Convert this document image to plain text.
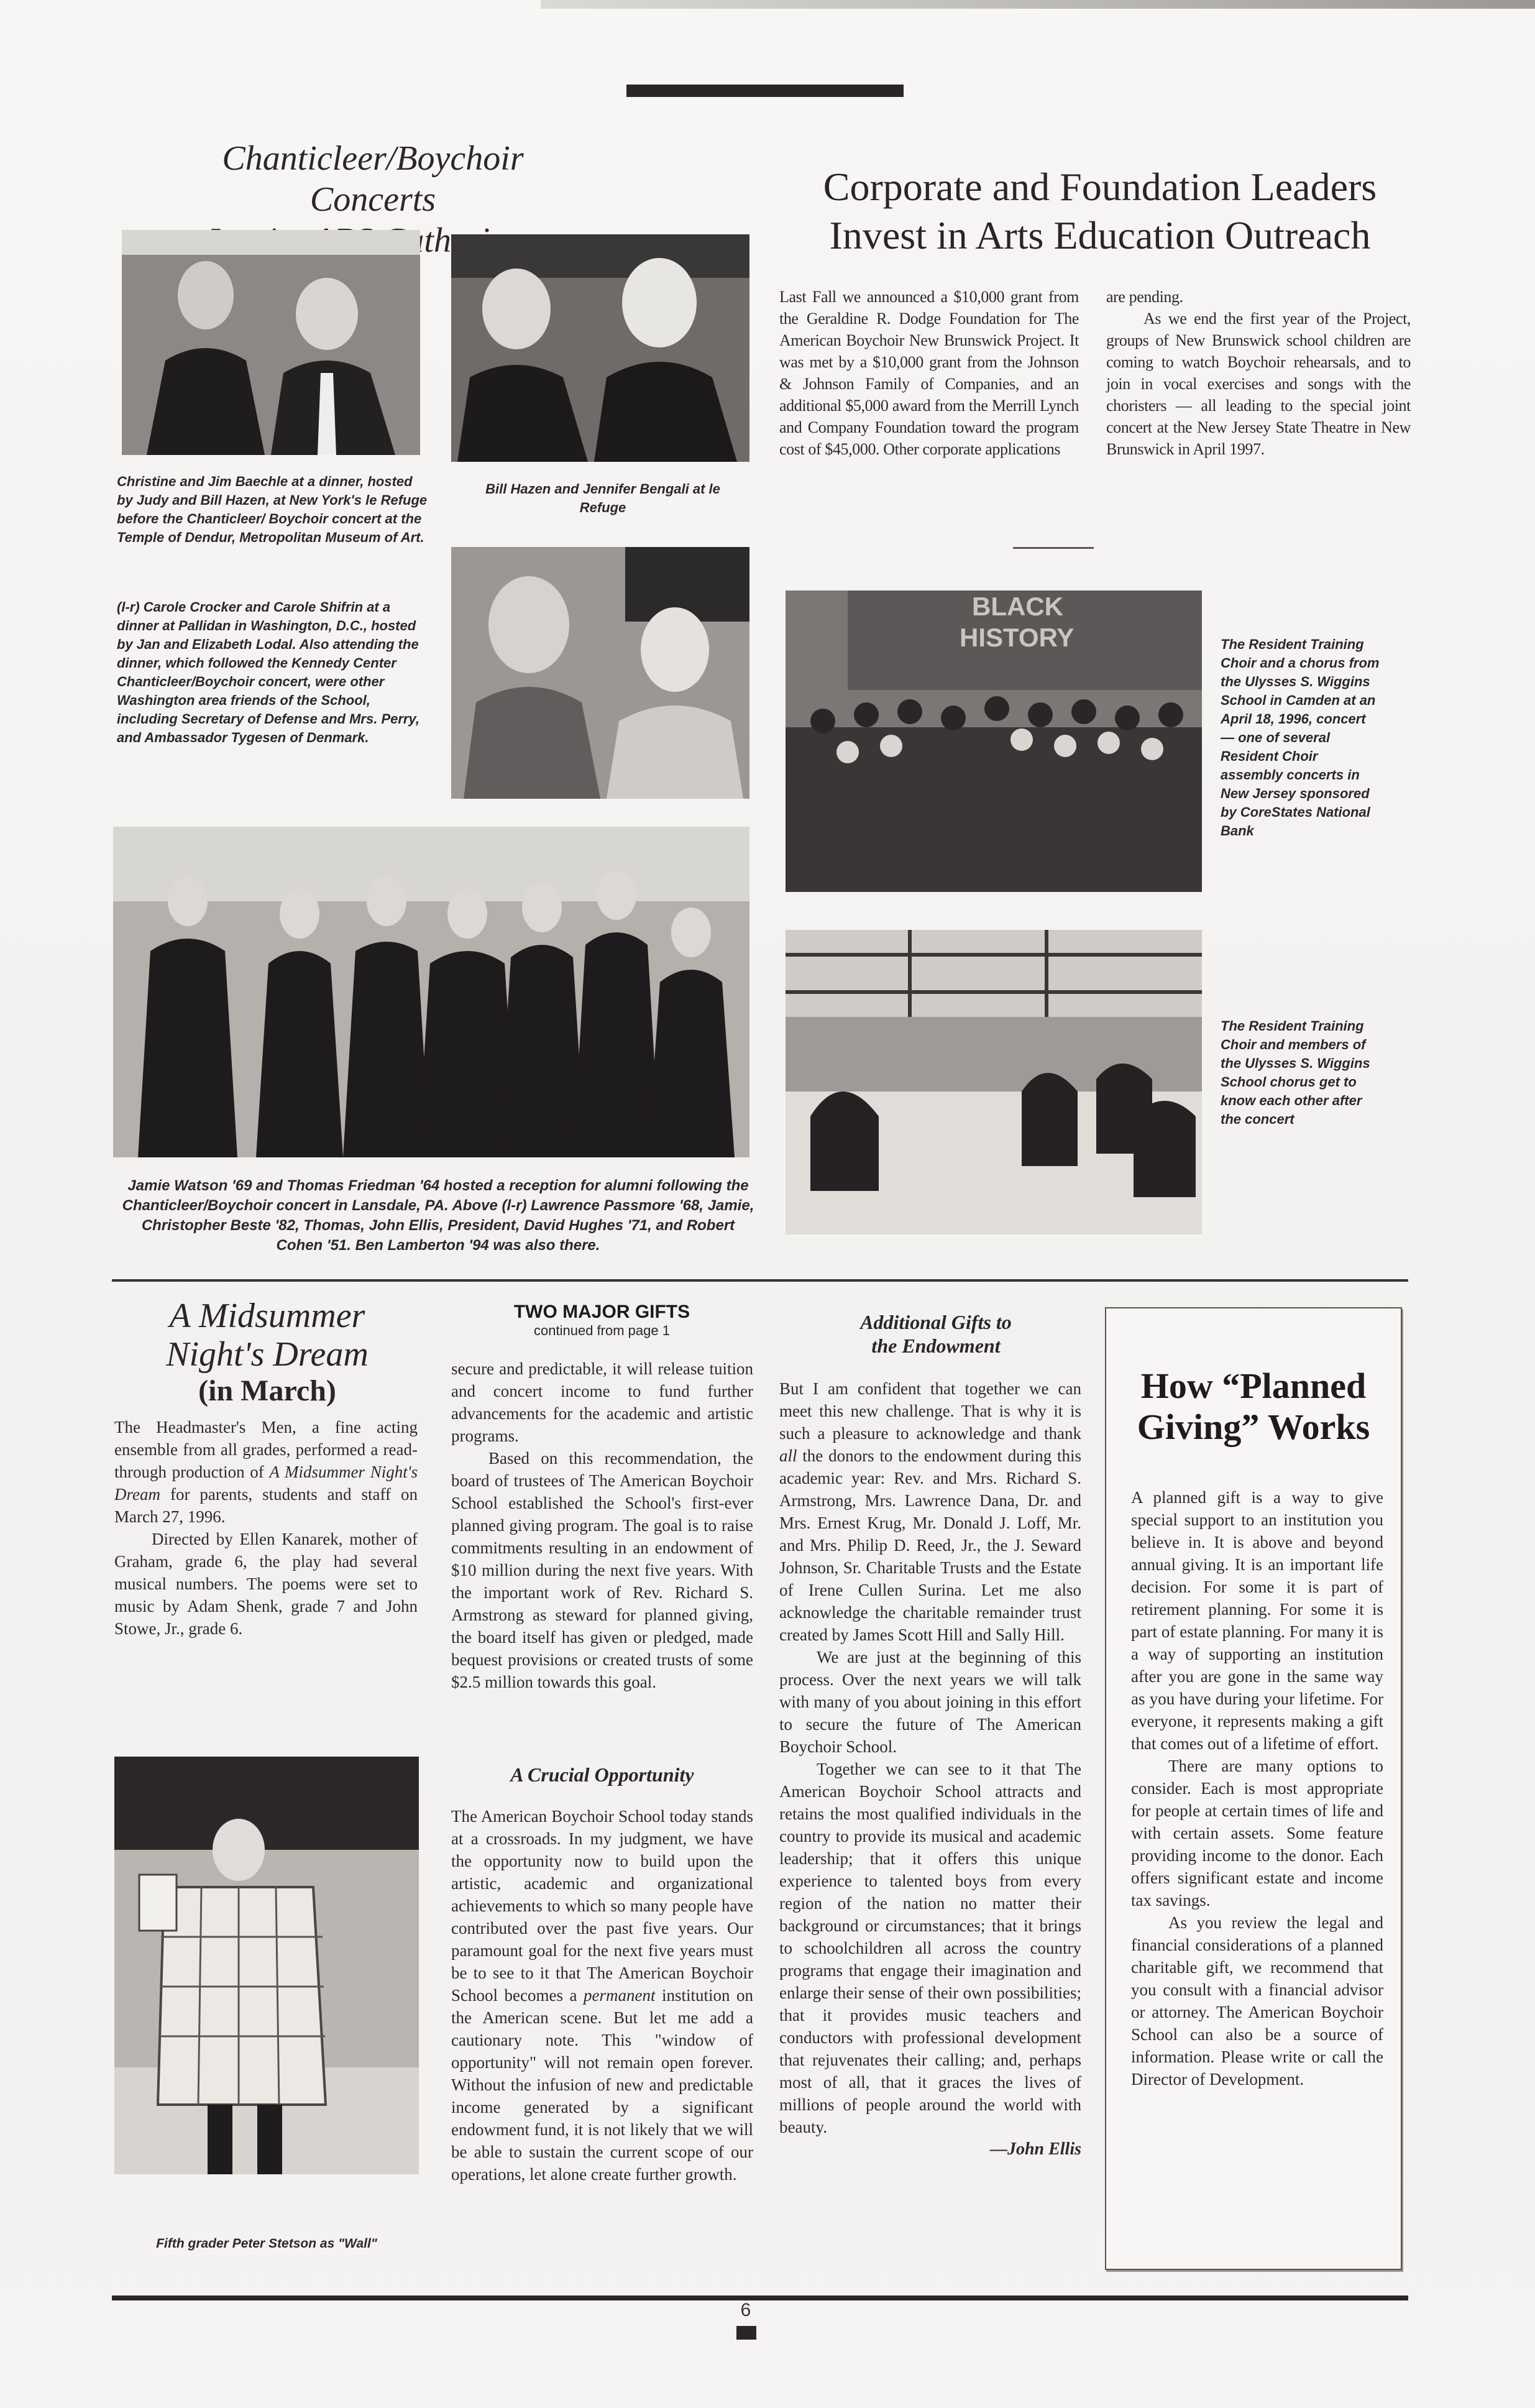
Chanticleer/Boychoir Concerts	Corporate and Foundation Leaders
Invest in Arts Education Outreach
Christine and Jim Baechle at a dinner, hosted by Judy and Bill Hazen, at New York's le Refuge before the Chanticleer/ Boychoir concert at the Temple of Dendur, Metropolitan Museum of Art.
Bill Hazen and Jennifer Bengali at le Refuge

Last Fall we announced a $10,000 grant from the Geraldine R. Dodge Foundation for The American Boychoir New Brunswick Project. It was met by a $10,000 grant from the Johnson & Johnson Family of Companies, and an additional $5,000 award from the Merrill Lynch and Company Foundation toward the program cost of $45,000. Other corporate applications

are pending.

As we end the first year of the Project, groups of New Brunswick school children are coming to watch Boychoir rehearsals, and to join in vocal exercises and songs with the choristers — all leading to the special joint concert at the New Jersey State Theatre in New Brunswick in April 1997.

(l-r) Carole Crocker and Carole Shifrin at a dinner at Pallidan in Washington, D.C., hosted by Jan and Elizabeth Lodal. Also attending the dinner, which followed the Kennedy Center Chanticleer/Boychoir concert, were other Washington area friends of the School, including Secretary of Defense and Mrs. Perry, and Ambassador Tygesen of Denmark.
BLACK
HISTORY	The Resident Training Choir and a chorus from the Ulysses S. Wiggins School in Camden at an April 18, 1996, concert — one of several Resident Choir assembly concerts in New Jersey sponsored by CoreStates National Bank
The Resident Training Choir and members of the Ulysses S. Wiggins School chorus get to know each other after the concert
Jamie Watson '69 and Thomas Friedman '64 hosted a reception for alumni following the Chanticleer/Boychoir concert in Lansdale, PA. Above (l-r) Lawrence Passmore '68, Jamie, Christopher Beste '82, Thomas, John Ellis, President, David Hughes '71, and Robert Cohen '51. Ben Lamberton '94 was also there.
A Midsummer
Night's Dream
(in March)

The Headmaster's Men, a fine acting ensemble from all grades, performed a read-through production of A Midsummer Night's Dream for parents, students and staff on March 27, 1996.

Directed by Ellen Kanarek, mother of Graham, grade 6, the play had several musical numbers. The poems were set to music by Adam Shenk, grade 7 and John Stowe, Jr., grade 6.

Fifth grader Peter Stetson as "Wall"
TWO MAJOR GIFTS
continued from page 1

secure and predictable, it will release tuition and concert income to fund further advancements for the academic and artistic programs.

Based on this recommendation, the board of trustees of The American Boychoir School established the School's first-ever planned giving program. The goal is to raise commitments resulting in an endowment of $10 million during the next five years. With the important work of Rev. Richard S. Armstrong as steward for planned giving, the board itself has given or pledged, made bequest provisions or created trusts of some $2.5 million towards this goal.

A Crucial Opportunity

The American Boychoir School today stands at a crossroads. In my judgment, we have the opportunity now to build upon the artistic, academic and organizational achievements to which so many people have contributed over the past five years. Our paramount goal for the next five years must be to see to it that The American Boychoir School becomes a permanent institution on the American scene. But let me add a cautionary note. This "window of opportunity" will not remain open forever. Without the infusion of new and predictable income generated by a significant endowment fund, it is not likely that we will be able to sustain the current scope of our operations, let alone create further growth.

Additional Gifts to
the Endowment

But I am confident that together we can meet this new challenge. That is why it is such a pleasure to acknowledge and thank all the donors to the endowment during this academic year: Rev. and Mrs. Richard S. Armstrong, Mrs. Lawrence Dana, Dr. and Mrs. Ernest Krug, Mr. Donald J. Loff, Mr. and Mrs. Philip D. Reed, Jr., the J. Seward Johnson, Sr. Charitable Trusts and the Estate of Irene Cullen Surina. Let me also acknowledge the charitable remainder trust created by James Scott Hill and Sally Hill.

We are just at the beginning of this process. Over the next years we will talk with many of you about joining in this effort to secure the future of The American Boychoir School.

Together we can see to it that The American Boychoir School attracts and retains the most qualified individuals in the country to provide its musical and academic leadership; that it offers this unique experience to talented boys from every region of the nation no matter their background or circumstances; that it brings to schoolchildren all across the country programs that engage their imagination and enlarge their sense of their own possibilities; that it provides music teachers and conductors with professional development that rejuvenates their calling; and, perhaps most of all, that it graces the lives of millions of people around the world with beauty.

—John Ellis
How “Planned
Giving” Works

A planned gift is a way to give special support to an institution you believe in. It is above and beyond annual giving. It is an important life decision. For some it is part of retirement planning. For some it is part of estate planning. For many it is a way of supporting an institution after you are gone in the same way as you have during your lifetime. For everyone, it represents making a gift that comes out of a lifetime of effort.

There are many options to consider. Each is most appropriate for people at certain times of life and with certain assets. Some feature providing income to the donor. Each offers significant estate and income tax savings.

As you review the legal and financial considerations of a planned charitable gift, we recommend that you consult with a financial advisor or attorney. The American Boychoir School can also be a source of information. Please write or call the Director of Development.

6
